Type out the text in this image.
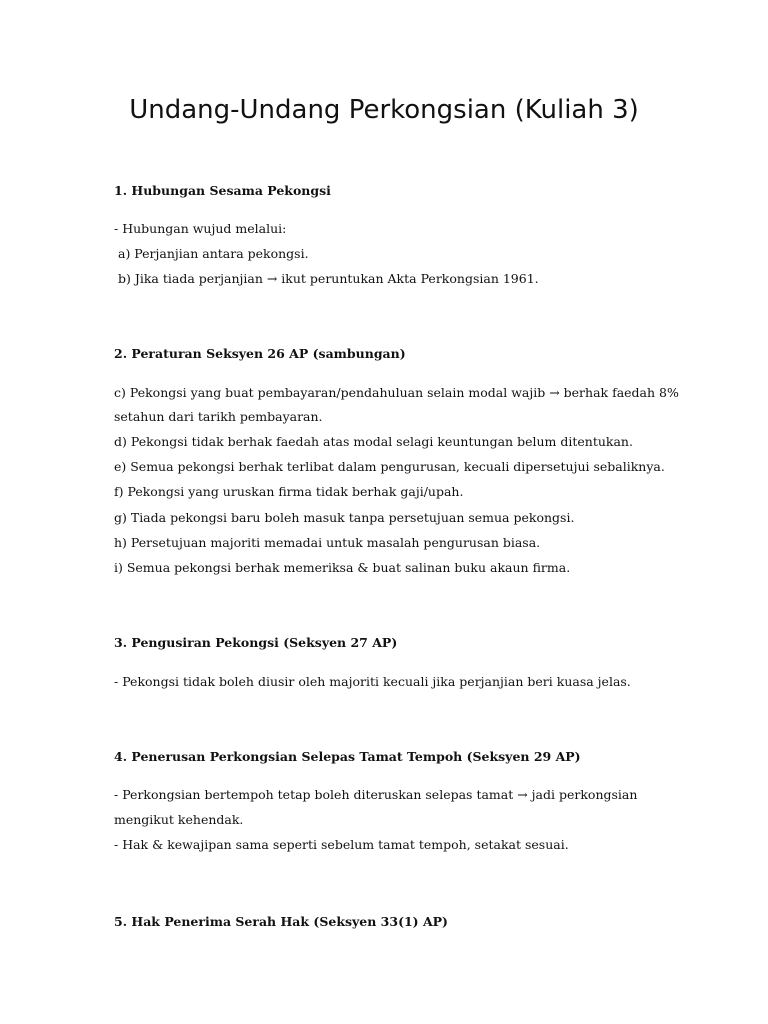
Undang-Undang Perkongsian (Kuliah 3)
1. Hubungan Sesama Pekongsi
- Hubungan wujud melalui:
a) Perjanjian antara pekongsi.
b) Jika tiada perjanjian → ikut peruntukan Akta Perkongsian 1961.
2. Peraturan Seksyen 26 AP (sambungan)
c) Pekongsi yang buat pembayaran/pendahuluan selain modal wajib → berhak faedah 8%
setahun dari tarikh pembayaran.
d) Pekongsi tidak berhak faedah atas modal selagi keuntungan belum ditentukan.
e) Semua pekongsi berhak terlibat dalam pengurusan, kecuali dipersetujui sebaliknya.
f) Pekongsi yang uruskan firma tidak berhak gaji/upah.
g) Tiada pekongsi baru boleh masuk tanpa persetujuan semua pekongsi.
h) Persetujuan majoriti memadai untuk masalah pengurusan biasa.
i) Semua pekongsi berhak memeriksa & buat salinan buku akaun firma.
3. Pengusiran Pekongsi (Seksyen 27 AP)
- Pekongsi tidak boleh diusir oleh majoriti kecuali jika perjanjian beri kuasa jelas.
4. Penerusan Perkongsian Selepas Tamat Tempoh (Seksyen 29 AP)
- Perkongsian bertempoh tetap boleh diteruskan selepas tamat → jadi perkongsian
mengikut kehendak.
- Hak & kewajipan sama seperti sebelum tamat tempoh, setakat sesuai.
5. Hak Penerima Serah Hak (Seksyen 33(1) AP)
